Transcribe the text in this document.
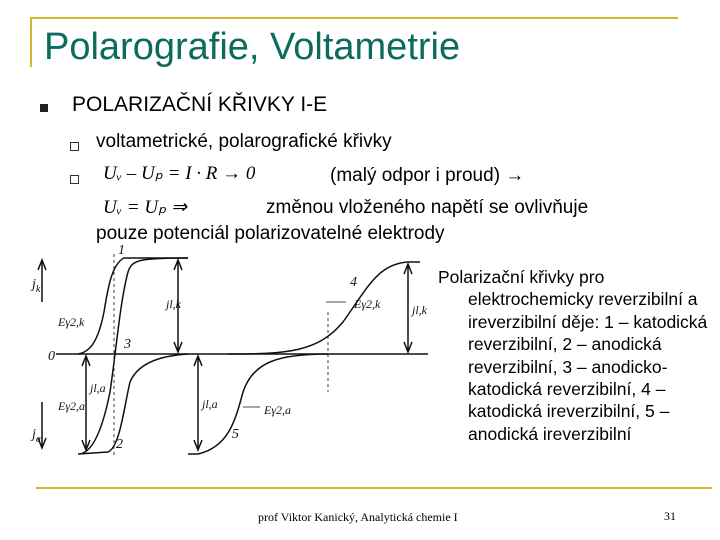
Polarografie, Voltametrie
POLARIZAČNÍ KŘIVKY I-E
voltametrické, polarografické křivky
Uᵥ – Uₚ = I · R → 0	(malý odpor i proud) →
Uᵥ = Uₚ ⇒	změnou vloženého napětí se ovlivňuje
pouze potenciál polarizovatelné elektrody
$j_k$
$j_a$
0
1
2
3
4
5
jl,k
jl,a
Eγ2,k
Eγ2,a
jl,k
jl,a
Eγ2,k
Eγ2,a
Polarizační křivky pro
elektrochemicky reverzibilní a ireverzibilní děje: 1 – katodická reverzibilní, 2 – anodická reverzibilní, 3 – anodicko-katodická reverzibilní, 4 – katodická ireverzibilní, 5 – anodická ireverzibilní
prof Viktor Kanický, Analytická chemie I	31
